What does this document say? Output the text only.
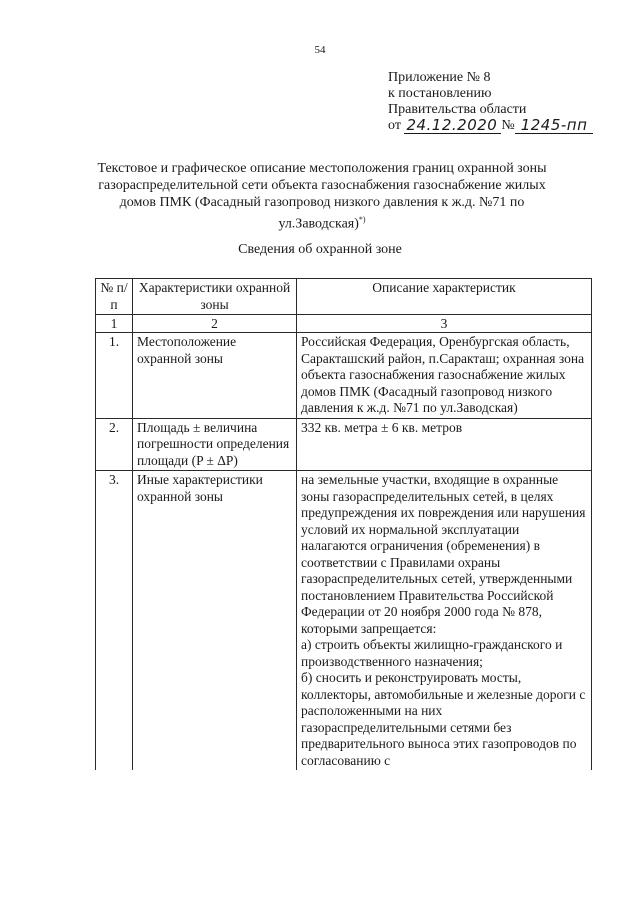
54
Приложение № 8
к постановлению
Правительства области
от
24.12.2020 № 1245-пп
Текстовое и графическое описание местоположения границ охранной зоны газораспределительной сети объекта газоснабжения газоснабжение жилых домов ПМК (Фасадный газопровод низкого давления к ж.д. №71 по ул.Заводская)*)
Сведения об охранной зоне
№ п/п	Характеристики охранной зоны	Описание характеристик
1	2	3
1.	Местоположение охранной зоны	Российская Федерация, Оренбургская область, Саракташский район, п.Саракташ; охранная зона объекта газоснабжения газоснабжение жилых домов ПМК (Фасадный газопровод низкого давления к ж.д. №71 по ул.Заводская)
2.	Площадь ± величина погрешности определения площади (P ± ΔP)	332 кв. метра ± 6 кв. метров
3.	Иные характеристики охранной зоны	на земельные участки, входящие в охранные зоны газораспределительных сетей, в целях предупреждения их повреждения или нарушения условий их нормальной эксплуатации налагаются ограничения (обременения) в соответствии с Правилами охраны газораспределительных сетей, утвержденными постановлением Правительства Российской Федерации от 20 ноября 2000 года № 878, которыми запрещается:
а) строить объекты жилищно-гражданского и производственного назначения;
б) сносить и реконструировать мосты, коллекторы, автомобильные и железные дороги с расположенными на них газораспределительными сетями без предварительного выноса этих газопроводов по согласованию с
